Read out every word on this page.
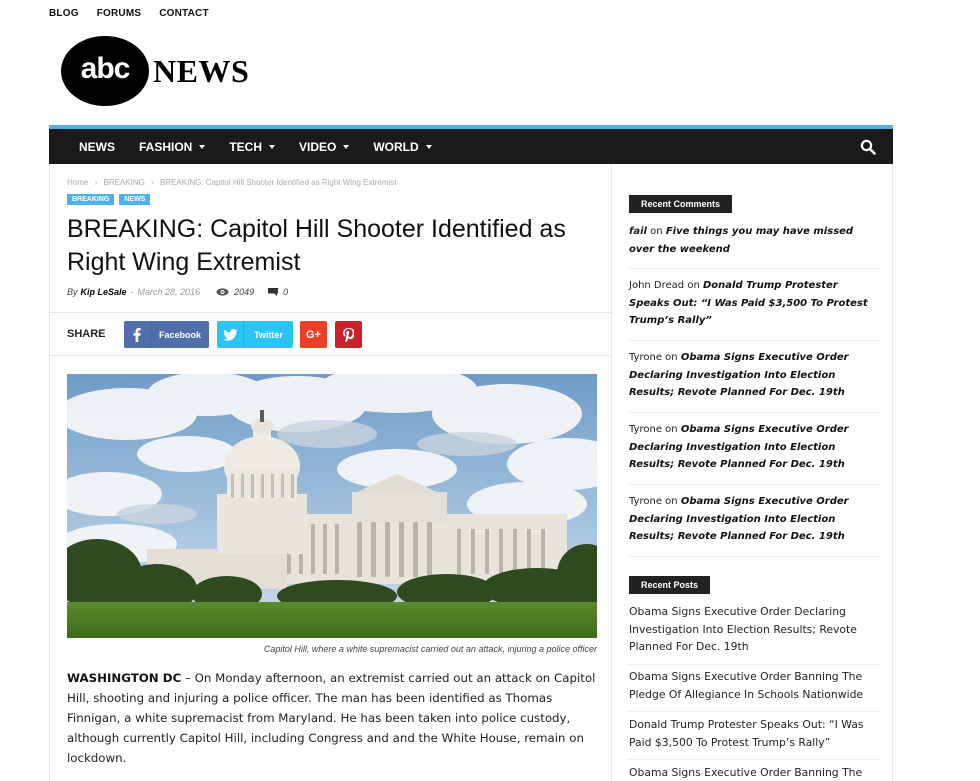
BLOG FORUMS CONTACT
abc NEWS
NEWS FASHION	TECH	VIDEO	WORLD
Home › BREAKING › BREAKING: Capitol Hill Shooter Identified as Right Wing Extremist
BREAKING	NEWS
BREAKING: Capitol Hill Shooter Identified as Right Wing Extremist
By Kip LeSale - March 28, 2016	2049	0
SHARE	Facebook	Twitter	G+
Capitol Hill, where a white supremacist carried out an attack, injuring a police officer

WASHINGTON DC – On Monday afternoon, an extremist carried out an attack on Capitol Hill, shooting and injuring a police officer. The man has been identified as Thomas Finnigan, a white supremacist from Maryland. He has been taken into police custody, although currently Capitol Hill, including Congress and and the White House, remain on lockdown.

Recent Comments
fail on Five things you may have missed over the weekend
John Dread on Donald Trump Protester Speaks Out: “I Was Paid $3,500 To Protest Trump’s Rally”
Tyrone on Obama Signs Executive Order Declaring Investigation Into Election Results; Revote Planned For Dec. 19th
Tyrone on Obama Signs Executive Order Declaring Investigation Into Election Results; Revote Planned For Dec. 19th
Tyrone on Obama Signs Executive Order Declaring Investigation Into Election Results; Revote Planned For Dec. 19th
Recent Posts
Obama Signs Executive Order Declaring Investigation Into Election Results; Revote Planned For Dec. 19th
Obama Signs Executive Order Banning The Pledge Of Allegiance In Schools Nationwide
Donald Trump Protester Speaks Out: “I Was Paid $3,500 To Protest Trump’s Rally”
Obama Signs Executive Order Banning The
